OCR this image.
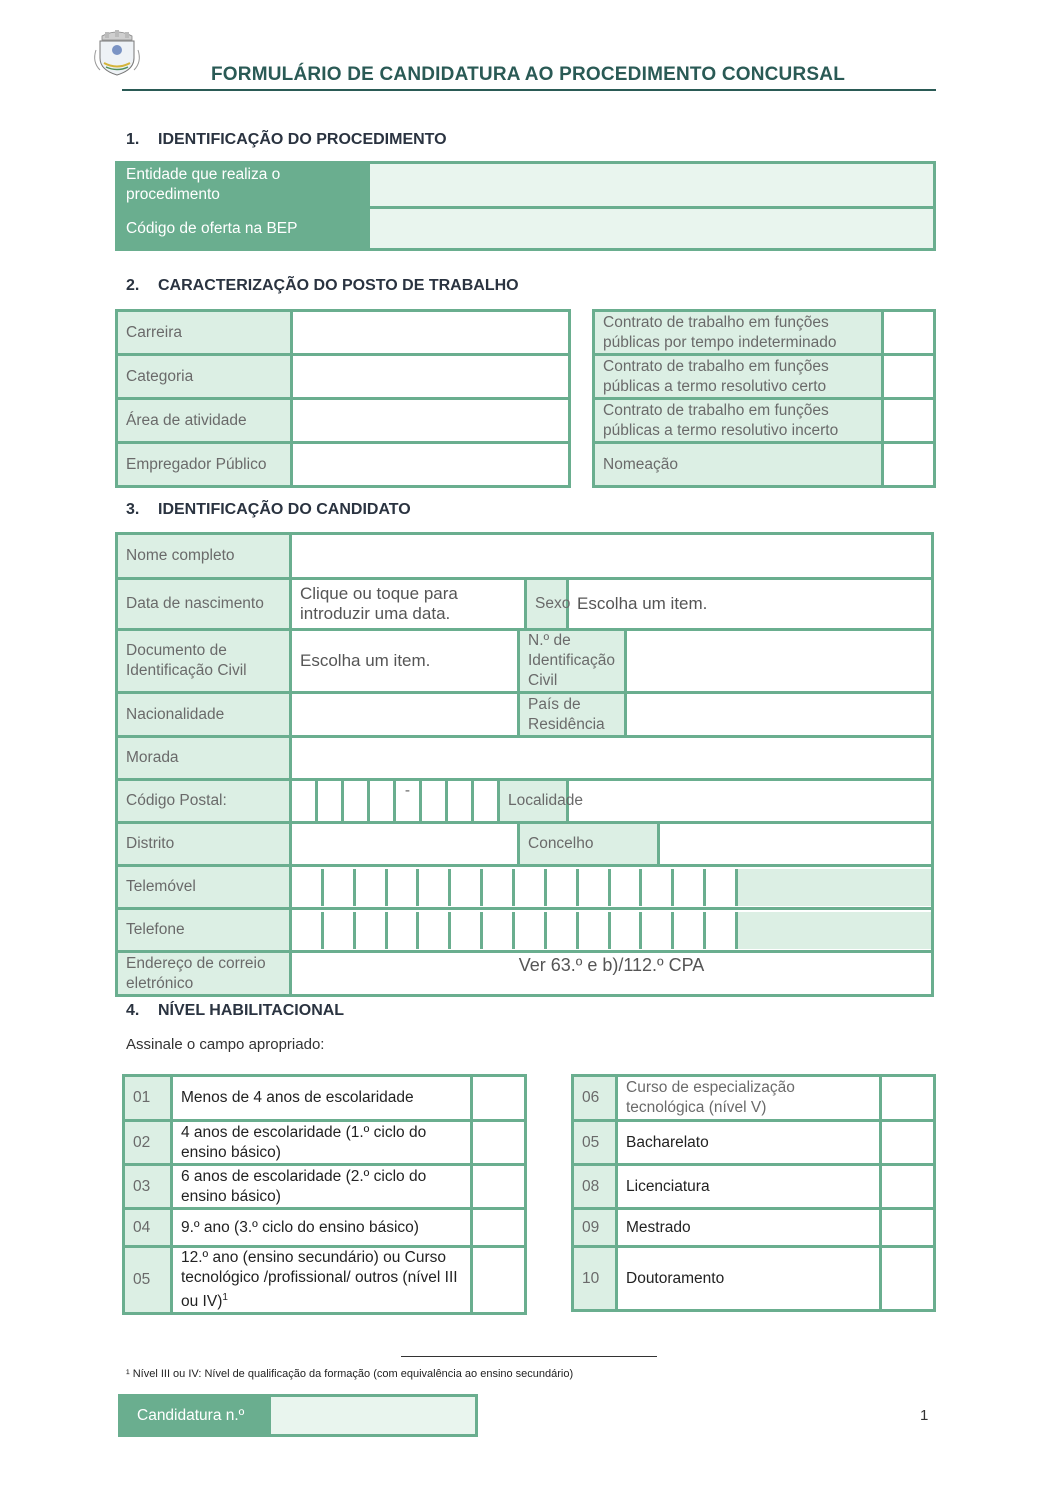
FORMULÁRIO DE CANDIDATURA AO PROCEDIMENTO CONCURSAL
1. IDENTIFICAÇÃO DO PROCEDIMENTO
Entidade que realiza o procedimento	
Código de oferta na BEP	
2. CARACTERIZAÇÃO DO POSTO DE TRABALHO
Carreira	
Categoria	
Área de atividade	
Empregador Público	
Contrato de trabalho em funções públicas por tempo indeterminado	
Contrato de trabalho em funções públicas a termo resolutivo certo	
Contrato de trabalho em funções públicas a termo resolutivo incerto	
Nomeação	
3. IDENTIFICAÇÃO DO CANDIDATO
Nome completo														
Data de nascimento	Clique ou toque para introduzir uma data.										Sexo	Escolha um item.		
Documento de Identificação Civil	Escolha um item.									N.º de Identificação Civil				
Nacionalidade										País de Residência				
Morada														
Código Postal:					-				Localidade					
Distrito										Concelho				
Telemóvel														

Telefone														

Endereço de correio eletrónico	Ver 63.º e b)/112.º CPA													
4. NÍVEL HABILITACIONAL
Assinale o campo apropriado:
01	Menos de 4 anos de escolaridade	
02	4 anos de escolaridade (1.º ciclo do ensino básico)	
03	6 anos de escolaridade (2.º ciclo do ensino básico)	
04	9.º ano (3.º ciclo do ensino básico)	
05	12.º ano (ensino secundário) ou Curso tecnológico /profissional/ outros (nível III ou IV)$^1$	
06	Curso de especialização tecnológica (nível V)	
05	Bacharelato	
08	Licenciatura	
09	Mestrado	
10	Doutoramento	
¹ Nível III ou IV: Nível de qualificação da formação (com equivalência ao ensino secundário)
Candidatura n.º		1
